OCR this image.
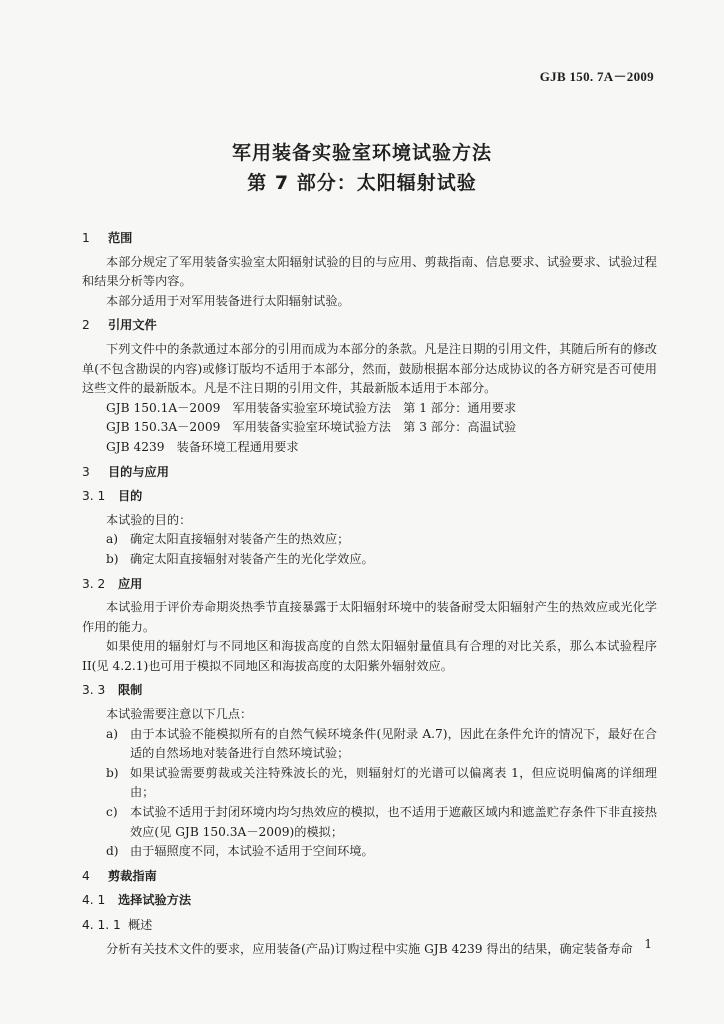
GJB 150. 7A－2009
军用装备实验室环境试验方法
第 7 部分：太阳辐射试验
1 范围
本部分规定了军用装备实验室太阳辐射试验的目的与应用、剪裁指南、信息要求、试验要求、试验过程和结果分析等内容。
本部分适用于对军用装备进行太阳辐射试验。
2 引用文件
下列文件中的条款通过本部分的引用而成为本部分的条款。凡是注日期的引用文件，其随后所有的修改单(不包含勘误的内容)或修订版均不适用于本部分，然而，鼓励根据本部分达成协议的各方研究是否可使用这些文件的最新版本。凡是不注日期的引用文件，其最新版本适用于本部分。
GJB 150.1A－2009　军用装备实验室环境试验方法　第 1 部分：通用要求
GJB 150.3A－2009　军用装备实验室环境试验方法　第 3 部分：高温试验
GJB 4239　装备环境工程通用要求
3 目的与应用
3. 1 目的
本试验的目的：
a) 确定太阳直接辐射对装备产生的热效应；
b) 确定太阳直接辐射对装备产生的光化学效应。
3. 2 应用
本试验用于评价寿命期炎热季节直接暴露于太阳辐射环境中的装备耐受太阳辐射产生的热效应或光化学作用的能力。
如果使用的辐射灯与不同地区和海拔高度的自然太阳辐射量值具有合理的对比关系，那么本试验程序 II(见 4.2.1)也可用于模拟不同地区和海拔高度的太阳紫外辐射效应。
3. 3 限制
本试验需要注意以下几点：
a) 由于本试验不能模拟所有的自然气候环境条件(见附录 A.7)，因此在条件允许的情况下，最好在合适的自然场地对装备进行自然环境试验；
b) 如果试验需要剪裁或关注特殊波长的光，则辐射灯的光谱可以偏离表 1，但应说明偏离的详细理由；
c)	本试验不适用于封闭环境内均匀热效应的模拟，也不适用于遮蔽区域内和遮盖贮存条件下非直接热效应(见 GJB 150.3A－2009)的模拟；
d) 由于辐照度不同，本试验不适用于空间环境。
4 剪裁指南
4. 1 选择试验方法
4. 1. 1 概述
分析有关技术文件的要求，应用装备(产品)订购过程中实施 GJB 4239 得出的结果，确定装备寿命 1
